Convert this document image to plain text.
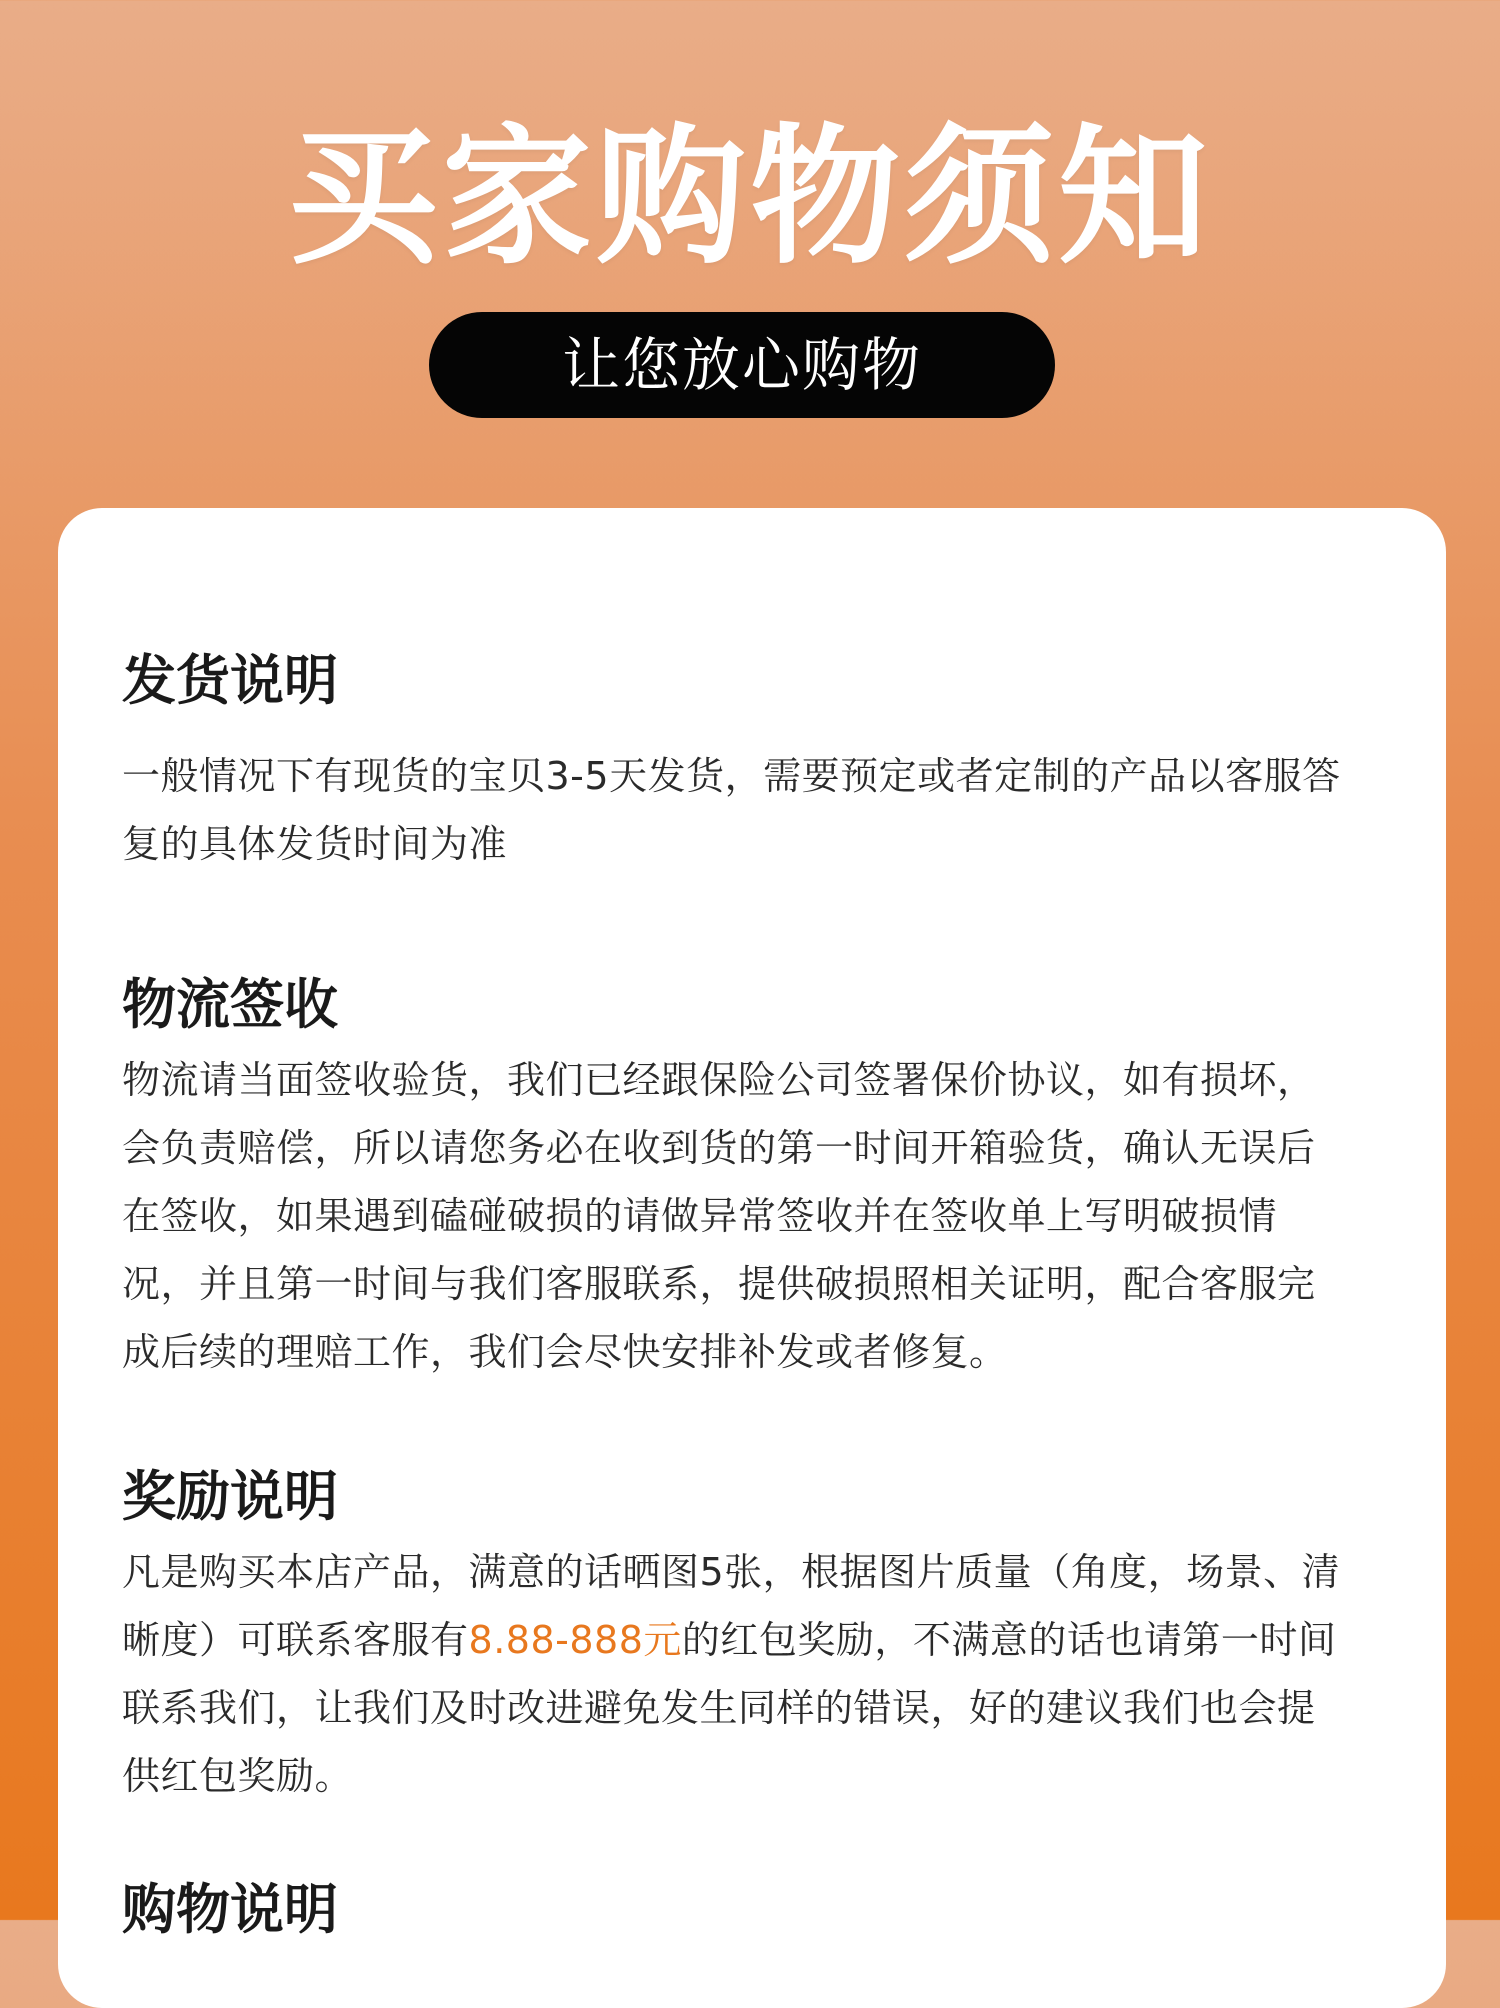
买家购物须知
让您放心购物
发货说明

一般情况下有现货的宝贝3-5天发货，需要预定或者定制的产品以客服答复的具体发货时间为准

物流签收

物流请当面签收验货，我们已经跟保险公司签署保价协议，如有损坏，会负责赔偿，所以请您务必在收到货的第一时间开箱验货，确认无误后在签收，如果遇到磕碰破损的请做异常签收并在签收单上写明破损情况，并且第一时间与我们客服联系，提供破损照相关证明，配合客服完成后续的理赔工作，我们会尽快安排补发或者修复。

奖励说明

凡是购买本店产品，满意的话晒图5张，根据图片质量（角度，场景、清晰度）可联系客服有8.88-888元的红包奖励，不满意的话也请第一时间联系我们，让我们及时改进避免发生同样的错误，好的建议我们也会提供红包奖励。

购物说明
